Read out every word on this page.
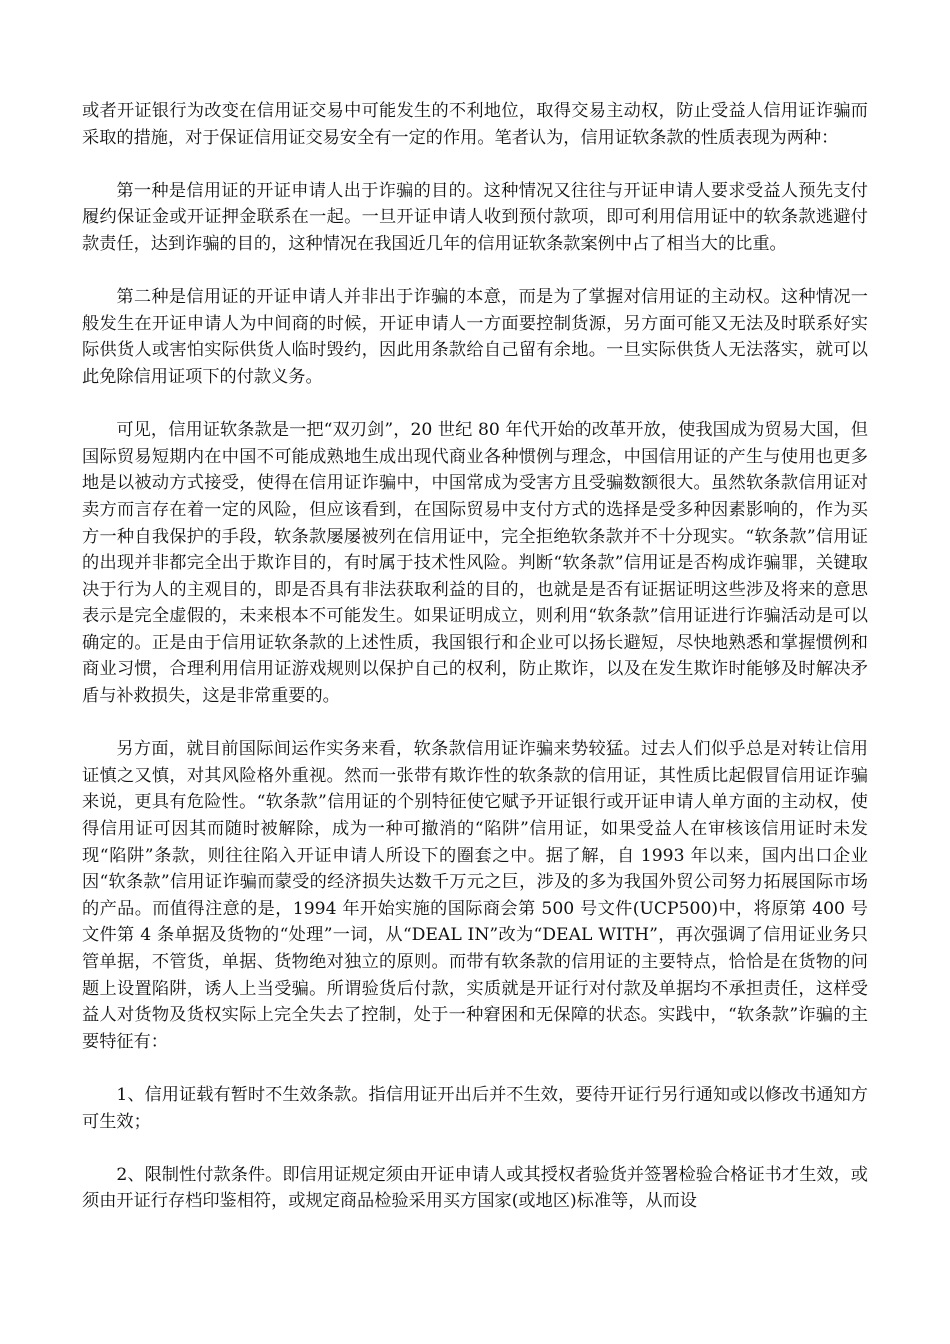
或者开证银行为改变在信用证交易中可能发生的不利地位，取得交易主动权，防止受益人信用证诈骗而采取的措施，对于保证信用证交易安全有一定的作用。笔者认为，信用证软条款的性质表现为两种：

第一种是信用证的开证申请人出于诈骗的目的。这种情况又往往与开证申请人要求受益人预先支付履约保证金或开证押金联系在一起。一旦开证申请人收到预付款项，即可利用信用证中的软条款逃避付款责任，达到诈骗的目的，这种情况在我国近几年的信用证软条款案例中占了相当大的比重。

第二种是信用证的开证申请人并非出于诈骗的本意，而是为了掌握对信用证的主动权。这种情况一般发生在开证申请人为中间商的时候，开证申请人一方面要控制货源，另方面可能又无法及时联系好实际供货人或害怕实际供货人临时毁约，因此用条款给自己留有余地。一旦实际供货人无法落实，就可以此免除信用证项下的付款义务。

可见，信用证软条款是一把“双刃剑”，20 世纪 80 年代开始的改革开放，使我国成为贸易大国，但国际贸易短期内在中国不可能成熟地生成出现代商业各种惯例与理念，中国信用证的产生与使用也更多地是以被动方式接受，使得在信用证诈骗中，中国常成为受害方且受骗数额很大。虽然软条款信用证对卖方而言存在着一定的风险，但应该看到，在国际贸易中支付方式的选择是受多种因素影响的，作为买方一种自我保护的手段，软条款屡屡被列在信用证中，完全拒绝软条款并不十分现实。“软条款”信用证的出现并非都完全出于欺诈目的，有时属于技术性风险。判断“软条款”信用证是否构成诈骗罪，关键取决于行为人的主观目的，即是否具有非法获取利益的目的，也就是是否有证据证明这些涉及将来的意思表示是完全虚假的，未来根本不可能发生。如果证明成立，则利用“软条款”信用证进行诈骗活动是可以确定的。正是由于信用证软条款的上述性质，我国银行和企业可以扬长避短，尽快地熟悉和掌握惯例和商业习惯，合理利用信用证游戏规则以保护自己的权利，防止欺诈，以及在发生欺诈时能够及时解决矛盾与补救损失，这是非常重要的。

另方面，就目前国际间运作实务来看，软条款信用证诈骗来势较猛。过去人们似乎总是对转让信用证慎之又慎，对其风险格外重视。然而一张带有欺诈性的软条款的信用证，其性质比起假冒信用证诈骗来说，更具有危险性。“软条款”信用证的个别特征使它赋予开证银行或开证申请人单方面的主动权，使得信用证可因其而随时被解除，成为一种可撤消的“陷阱”信用证，如果受益人在审核该信用证时未发现“陷阱”条款，则往往陷入开证申请人所设下的圈套之中。据了解，自 1993 年以来，国内出口企业因“软条款”信用证诈骗而蒙受的经济损失达数千万元之巨，涉及的多为我国外贸公司努力拓展国际市场的产品。而值得注意的是，1994 年开始实施的国际商会第 500 号文件(UCP500)中，将原第 400 号文件第 4 条单据及货物的“处理”一词，从“DEAL IN”改为“DEAL WITH”，再次强调了信用证业务只管单据，不管货，单据、货物绝对独立的原则。而带有软条款的信用证的主要特点，恰恰是在货物的问题上设置陷阱，诱人上当受骗。所谓验货后付款，实质就是开证行对付款及单据均不承担责任，这样受益人对货物及货权实际上完全失去了控制，处于一种窘困和无保障的状态。实践中，“软条款”诈骗的主要特征有：

1、信用证载有暂时不生效条款。指信用证开出后并不生效，要待开证行另行通知或以修改书通知方可生效；

2、限制性付款条件。即信用证规定须由开证申请人或其授权者验货并签署检验合格证书才生效，或须由开证行存档印鉴相符，或规定商品检验采用买方国家(或地区)标准等，从而设
